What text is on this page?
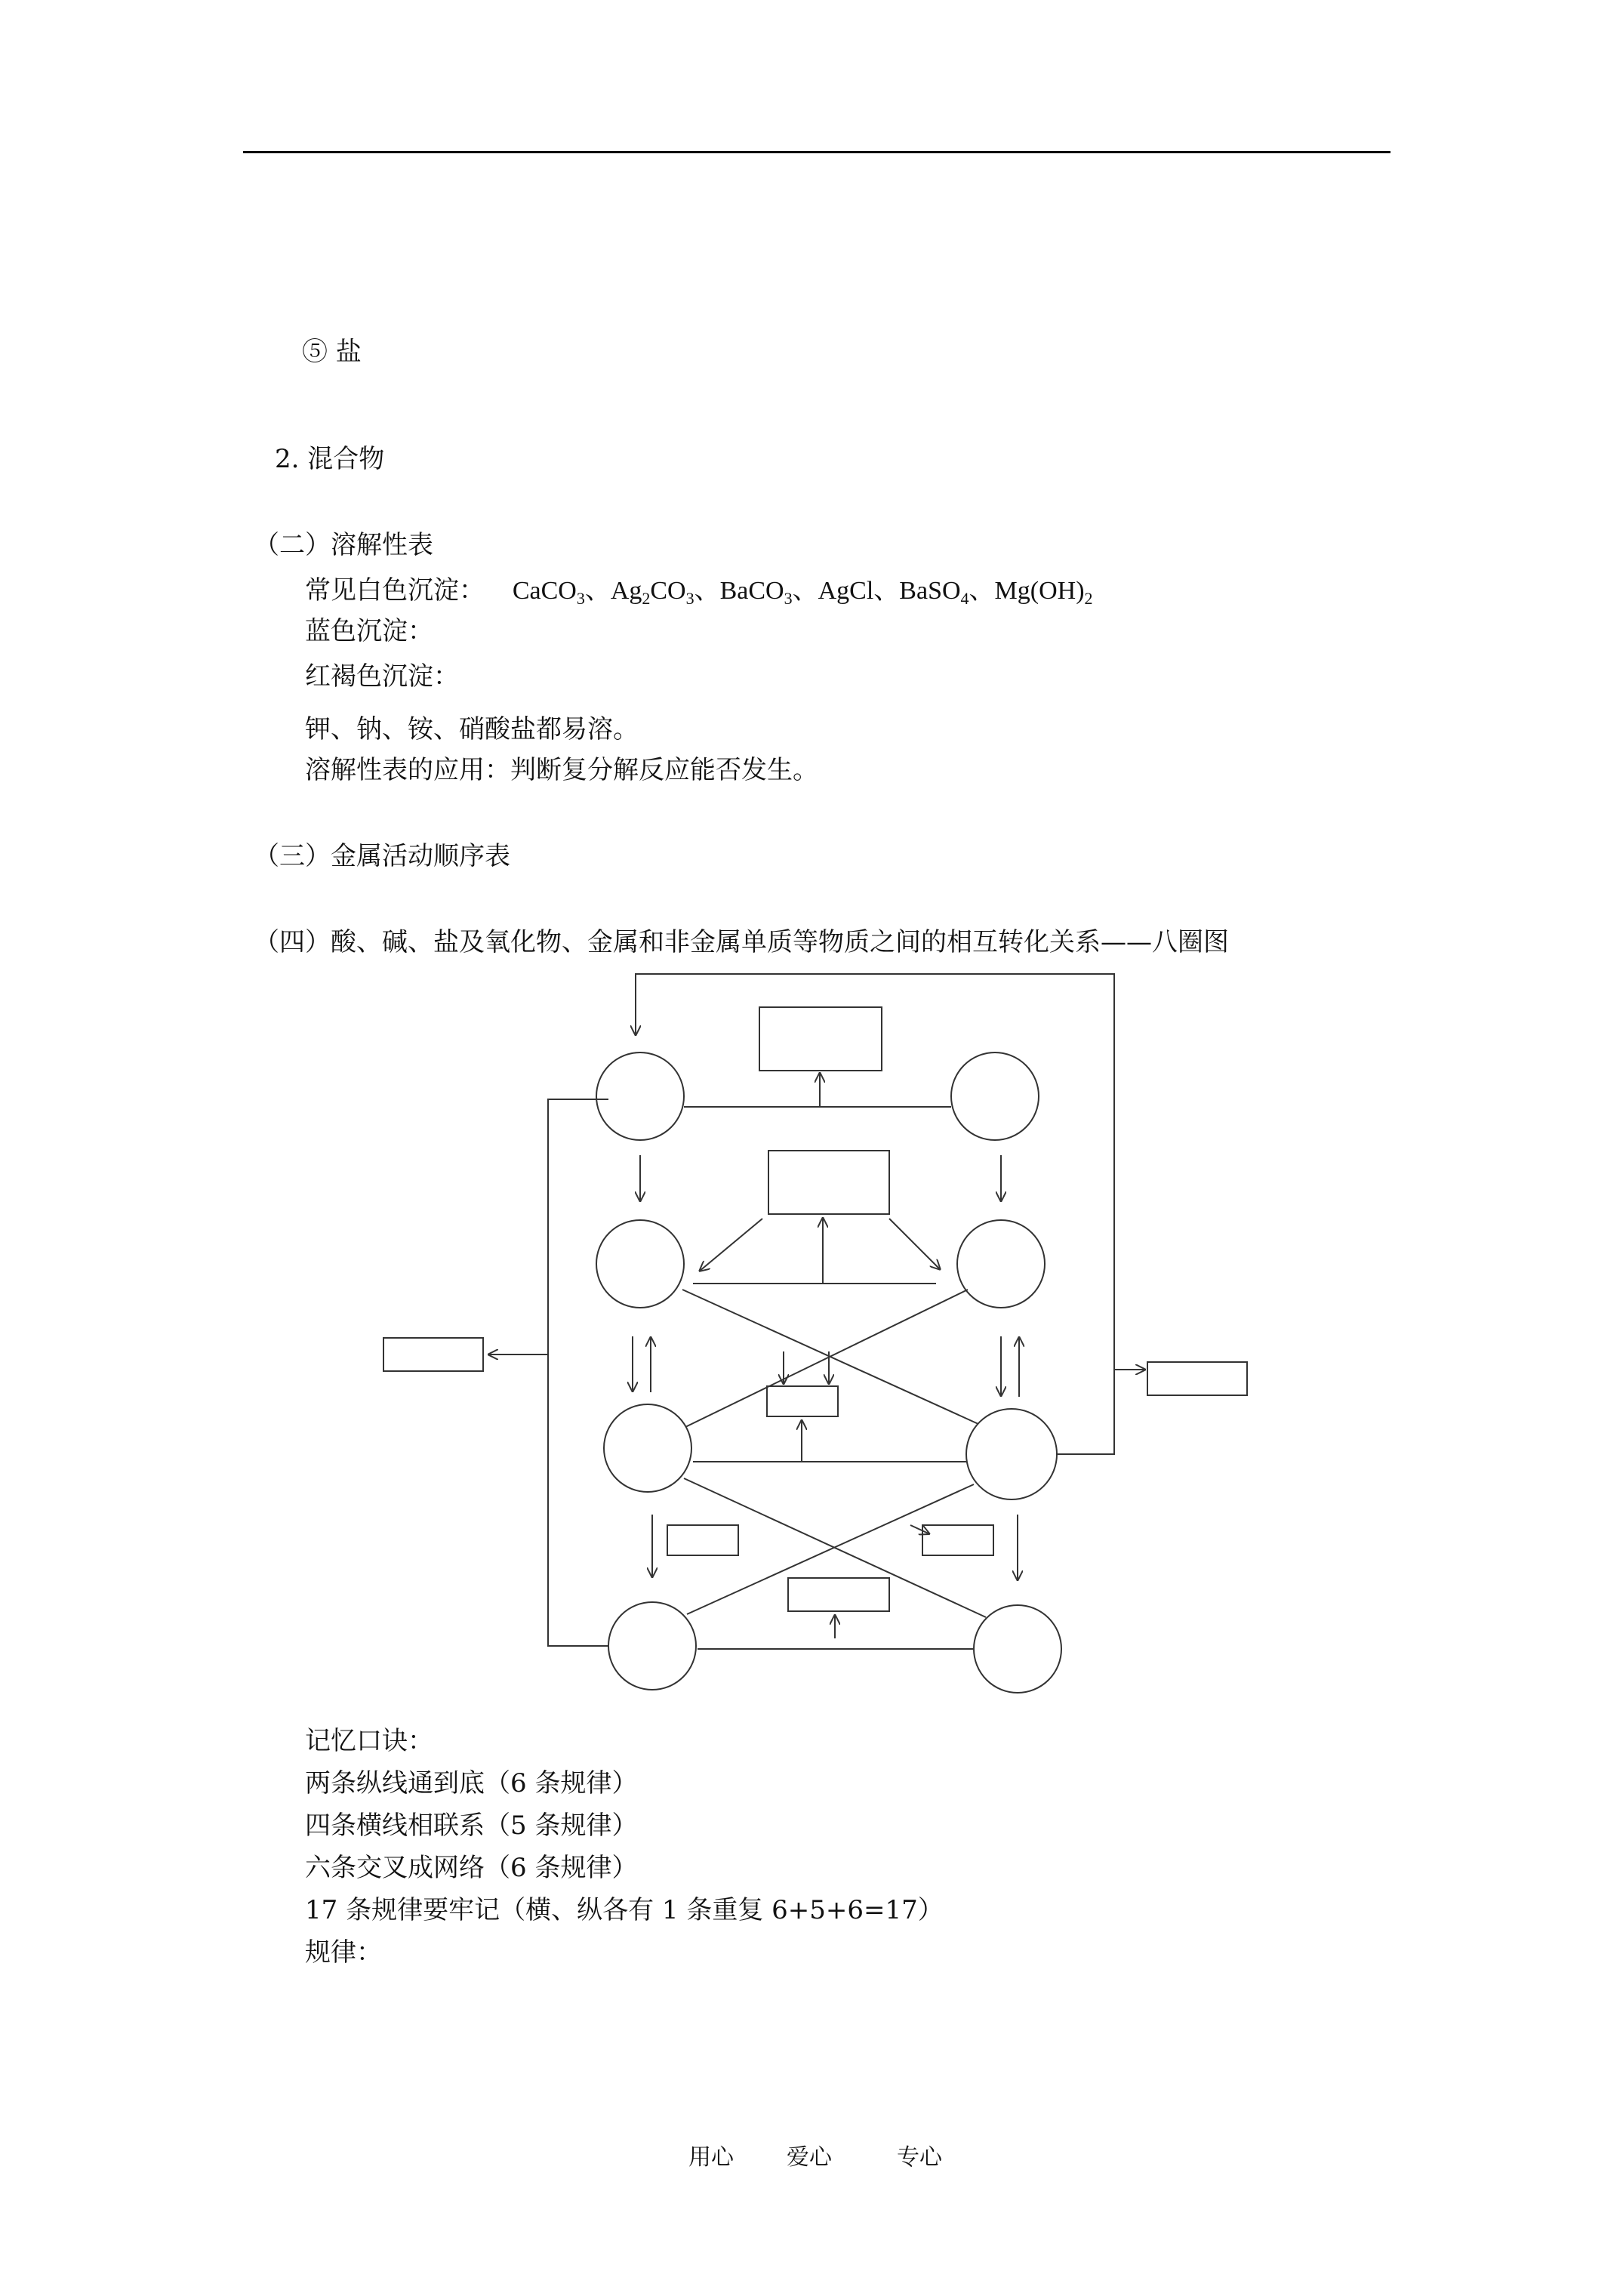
⑤ 盐
2. 混合物
（二）溶解性表
常见白色沉淀： CaCO$_3$、$Ag_2CO_3$、BaCO$_3$、AgCl、BaSO$_4$、$Mg(OH)_2$
蓝色沉淀：
红褐色沉淀：
钾、钠、铵、硝酸盐都易溶。
溶解性表的应用：判断复分解反应能否发生。
（三）金属活动顺序表
（四）酸、碱、盐及氧化物、金属和非金属单质等物质之间的相互转化关系——八圈图
记忆口诀：
两条纵线通到底（6 条规律）
四条横线相联系（5 条规律）
六条交叉成网络（6 条规律）
17 条规律要牢记（横、纵各有 1 条重复 6+5+6=17）
规律：
用心 爱心	专心
